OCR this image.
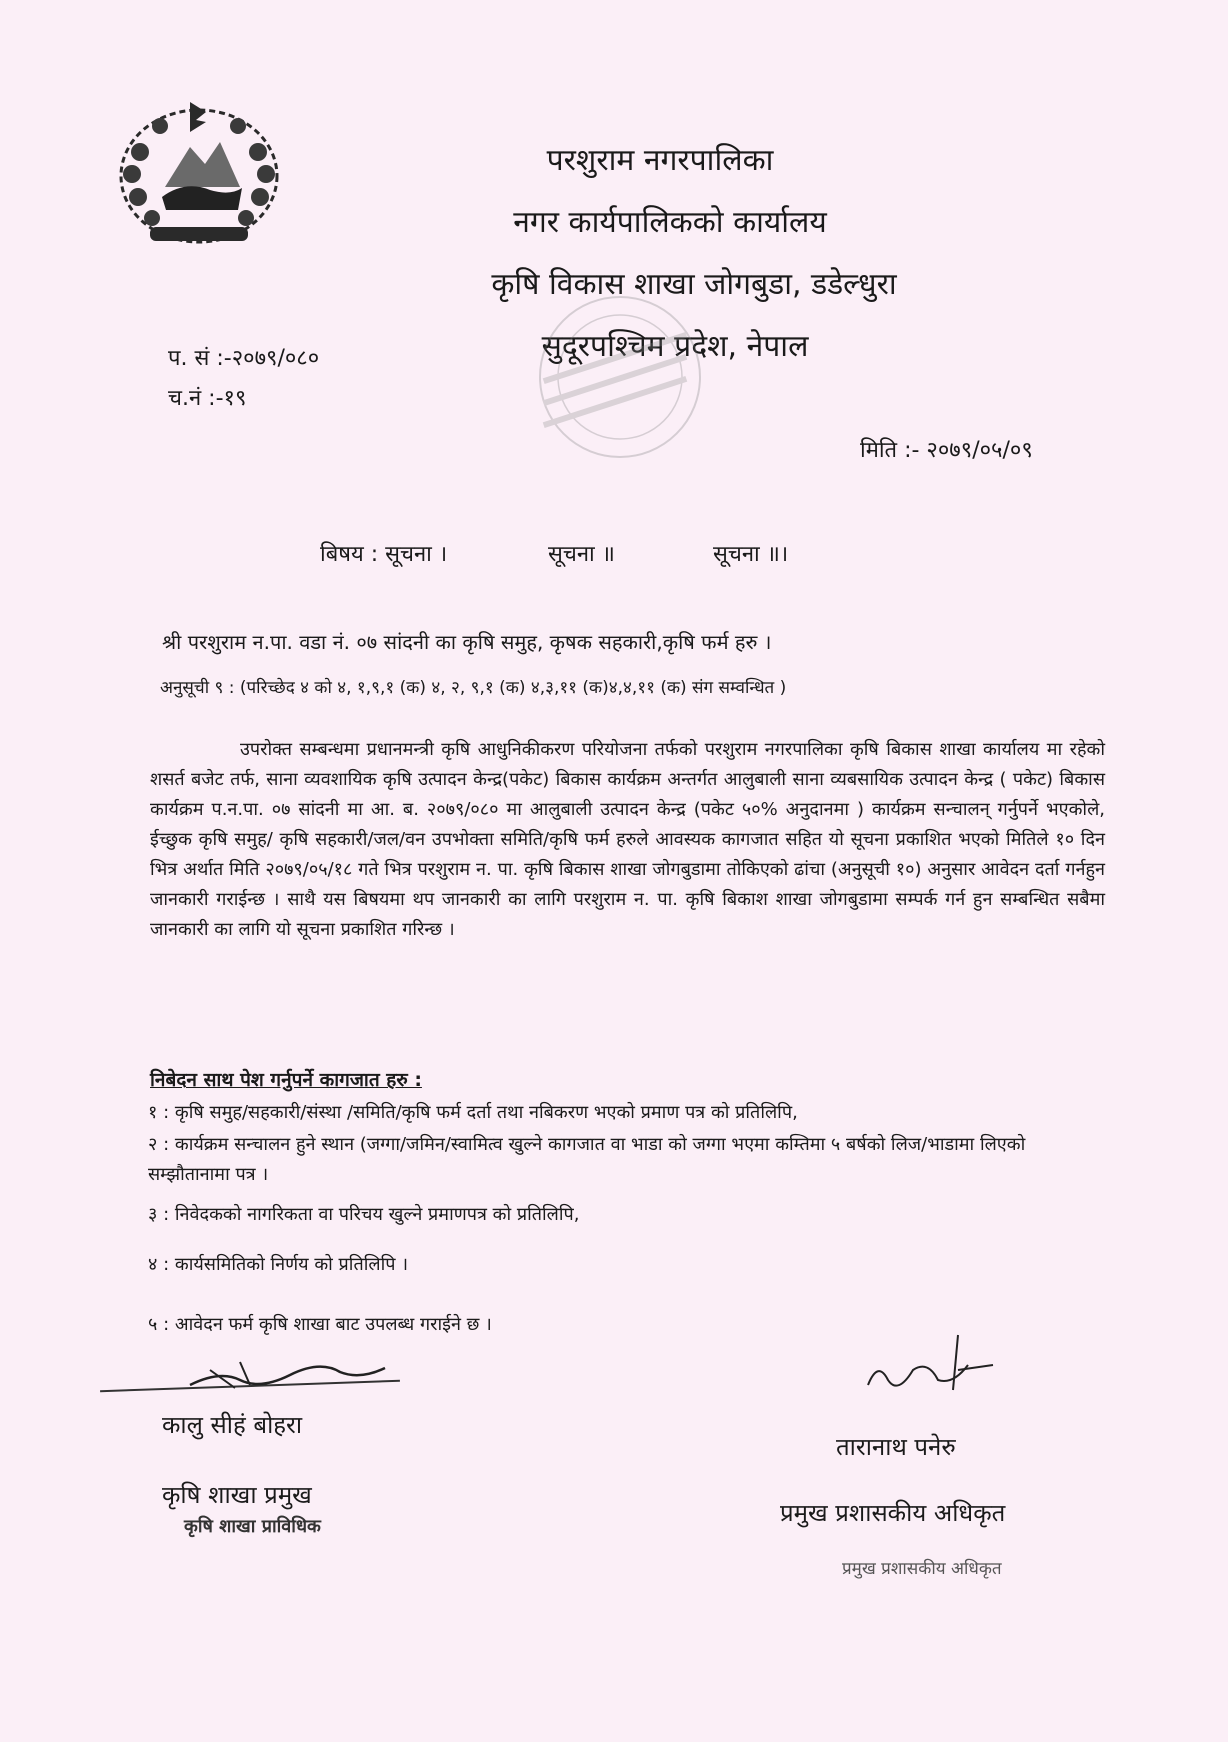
परशुराम नगरपालिका
नगर कार्यपालिकको कार्यालय
कृषि विकास शाखा जोगबुडा, डडेल्धुरा
सुदूरपश्चिम प्रदेश, नेपाल
प. सं :-२०७९/०८०
च.नं :-१९
मिति :- २०७९/०५/०९
बिषय : सूचना ।	सूचना ॥	सूचना ॥।
श्री परशुराम न.पा. वडा नं. ०७ सांदनी का कृषि समुह, कृषक सहकारी,कृषि फर्म हरु ।
अनुसूची ९ : (परिच्छेद ४ को ४, १,९,१ (क) ४, २, ९,१ (क) ४,३,११ (क)४,४,११ (क) संग सम्वन्धित )
उपरोक्त सम्बन्धमा प्रधानमन्त्री कृषि आधुनिकीकरण परियोजना तर्फको परशुराम नगरपालिका कृषि बिकास शाखा कार्यालय मा रहेको शसर्त बजेट तर्फ, साना व्यवशायिक कृषि उत्पादन केन्द्र(पकेट) बिकास कार्यक्रम अन्तर्गत आलुबाली साना व्यबसायिक उत्पादन केन्द्र ( पकेट) बिकास कार्यक्रम प.न.पा. ०७ सांदनी मा आ. ब. २०७९/०८० मा आलुबाली उत्पादन केन्द्र (पकेट ५०% अनुदानमा ) कार्यक्रम सन्चालन् गर्नुपर्ने भएकोले, ईच्छुक कृषि समुह/ कृषि सहकारी/जल/वन उपभोक्ता समिति/कृषि फर्म हरुले आवस्यक कागजात सहित यो सूचना प्रकाशित भएको मितिले १० दिन भित्र अर्थात मिति २०७९/०५/१८ गते भित्र परशुराम न. पा. कृषि बिकास शाखा जोगबुडामा तोकिएको ढांचा (अनुसूची १०) अनुसार आवेदन दर्ता गर्नहुन जानकारी गराईन्छ । साथै यस बिषयमा थप जानकारी का लागि परशुराम न. पा. कृषि बिकाश शाखा जोगबुडामा सम्पर्क गर्न हुन सम्बन्धित सबैमा जानकारी का लागि यो सूचना प्रकाशित गरिन्छ ।
निबेदन साथ पेश गर्नुपर्ने कागजात हरु :
१ : कृषि समुह/सहकारी/संस्था /समिति/कृषि फर्म दर्ता तथा नबिकरण भएको प्रमाण पत्र को प्रतिलिपि,
२ : कार्यक्रम सन्चालन हुने स्थान (जग्गा/जमिन/स्वामित्व खुल्ने कागजात वा भाडा को जग्गा भएमा कम्तिमा ५ बर्षको लिज/भाडामा लिएको सम्झौतानामा पत्र ।
३ : निवेदकको नागरिकता वा परिचय खुल्ने प्रमाणपत्र को प्रतिलिपि,
४ : कार्यसमितिको निर्णय को प्रतिलिपि ।
५ : आवेदन फर्म कृषि शाखा बाट उपलब्ध गराईने छ ।
कालु सीहं बोहरा
कृषि शाखा प्रमुख
कृषि शाखा प्राविधिक
तारानाथ पनेरु
प्रमुख प्रशासकीय अधिकृत
प्रमुख प्रशासकीय अधिकृत
